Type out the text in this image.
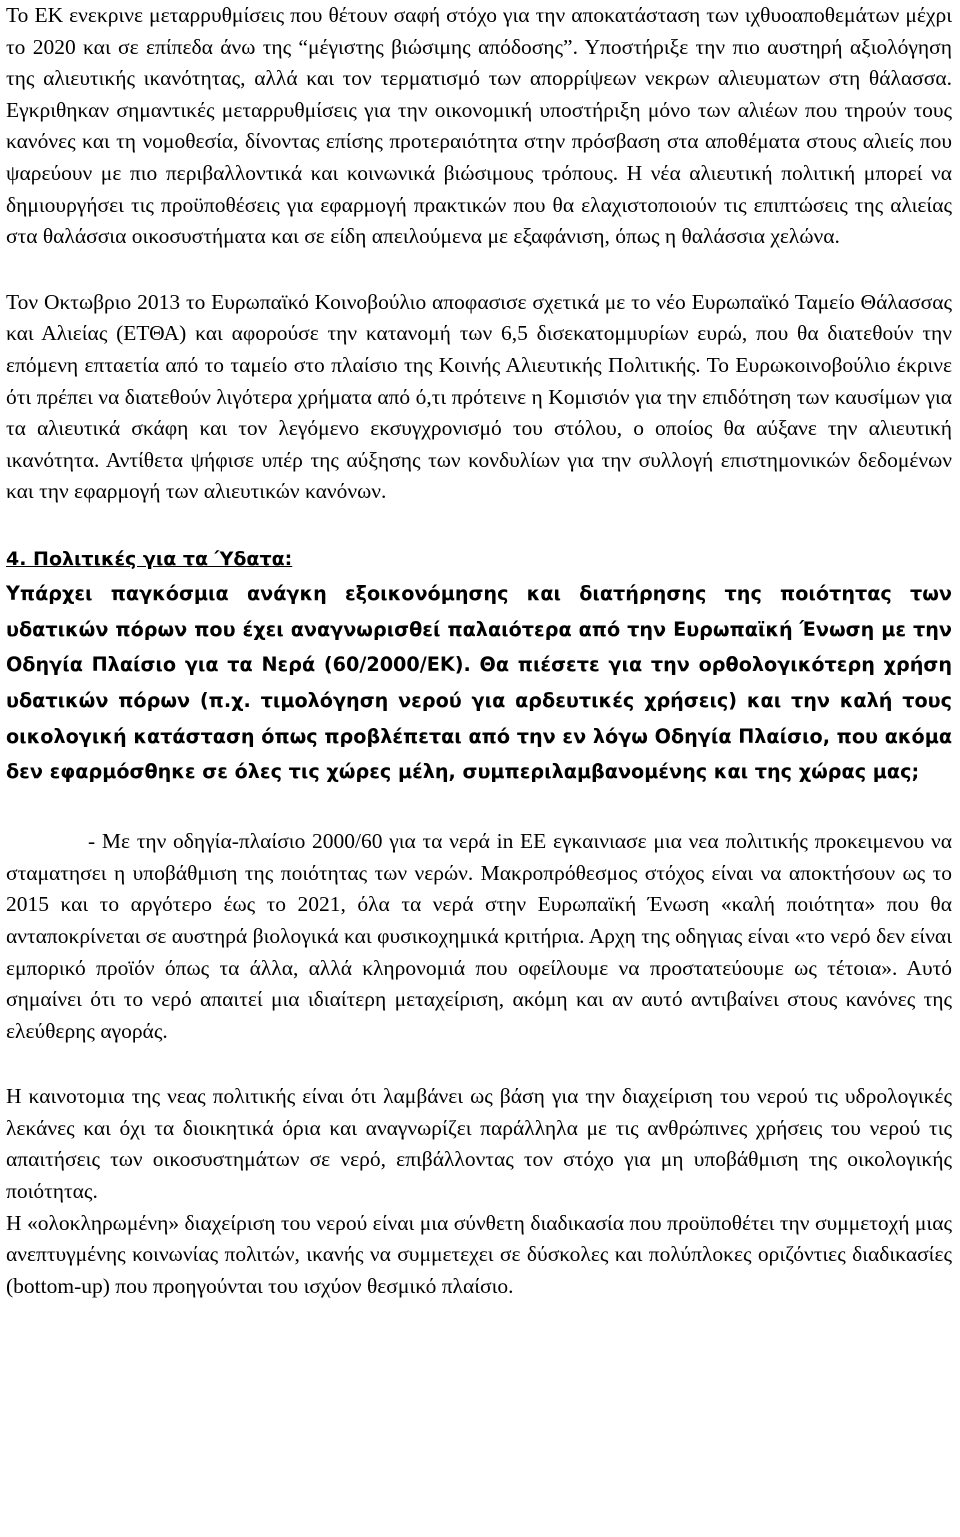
Το ΕΚ ενεκρινε μεταρρυθμίσεις που θέτουν σαφή στόχο για την αποκατάσταση των ιχθυοαποθεμάτων μέχρι το 2020 και σε επίπεδα άνω της “μέγιστης βιώσιμης απόδοσης”. Υποστήριξε την πιο αυστηρή αξιολόγηση της αλιευτικής ικανότητας, αλλά και τον τερματισμό των απορρίψεων νεκρων αλιευματων στη θάλασσα. Εγκριθηκαν σημαντικές μεταρρυθμίσεις για την οικονομική υποστήριξη μόνο των αλιέων που τηρούν τους κανόνες και τη νομοθεσία, δίνοντας επίσης προτεραιότητα στην πρόσβαση στα αποθέματα στους αλιείς που ψαρεύουν με πιο περιβαλλοντικά και κοινωνικά βιώσιμους τρόπους. Η νέα αλιευτική πολιτική μπορεί να δημιουργήσει τις προϋποθέσεις για εφαρμογή πρακτικών που θα ελαχιστοποιούν τις επιπτώσεις της αλιείας στα θαλάσσια οικοσυστήματα και σε είδη απειλούμενα με εξαφάνιση, όπως η θαλάσσια χελώνα.

Τον Οκτωβριο 2013 το Ευρωπαϊκό Κοινοβούλιο αποφασισε σχετικά με το νέο Ευρωπαϊκό Ταμείο Θάλασσας και Αλιείας (ΕΤΘΑ) και αφορούσε την κατανομή των 6,5 δισεκατομμυρίων ευρώ, που θα διατεθούν την επόμενη επταετία από το ταμείο στο πλαίσιο της Κοινής Αλιευτικής Πολιτικής. Το Ευρωκοινοβούλιο έκρινε ότι πρέπει να διατεθούν λιγότερα χρήματα από ό,τι πρότεινε η Κομισιόν για την επιδότηση των καυσίμων για τα αλιευτικά σκάφη και τον λεγόμενο εκσυγχρονισμό του στόλου, ο οποίος θα αύξανε την αλιευτική ικανότητα. Αντίθετα ψήφισε υπέρ της αύξησης των κονδυλίων για την συλλογή επιστημονικών δεδομένων και την εφαρμογή των αλιευτικών κανόνων.

4. Πολιτικές για τα Ύδατα:

Υπάρχει παγκόσμια ανάγκη εξοικονόμησης και διατήρησης της ποιότητας των υδατικών πόρων που έχει αναγνωρισθεί παλαιότερα από την Ευρωπαϊκή Ένωση με την Οδηγία Πλαίσιο για τα Νερά (60/2000/ΕΚ). Θα πιέσετε για την ορθολογικότερη χρήση υδατικών πόρων (π.χ. τιμολόγηση νερού για αρδευτικές χρήσεις) και την καλή τους οικολογική κατάσταση όπως προβλέπεται από την εν λόγω Οδηγία Πλαίσιο, που ακόμα δεν εφαρμόσθηκε σε όλες τις χώρες μέλη, συμπεριλαμβανομένης και της χώρας μας;

- Με την οδηγία-πλαίσιο 2000/60 για τα νερά in ΕΕ εγκαινιασε μια νεα πολιτικής προκειμενου να σταματησει η υποβάθμιση της ποιότητας των νερών. Μακροπρόθεσμος στόχος είναι να αποκτήσουν ως το 2015 και το αργότερο έως το 2021, όλα τα νερά στην Ευρωπαϊκή Ένωση «καλή ποιότητα» που θα ανταποκρίνεται σε αυστηρά βιολογικά και φυσικοχημικά κριτήρια. Αρχη της οδηγιας είναι «το νερό δεν είναι εμπορικό προϊόν όπως τα άλλα, αλλά κληρονομιά που οφείλουμε να προστατεύουμε ως τέτοια». Αυτό σημαίνει ότι το νερό απαιτεί μια ιδιαίτερη μεταχείριση, ακόμη και αν αυτό αντιβαίνει στους κανόνες της ελεύθερης αγοράς.

Η καινοτομια της νεας πολιτικής είναι ότι λαμβάνει ως βάση για την διαχείριση του νερού τις υδρολογικές λεκάνες και όχι τα διοικητικά όρια και αναγνωρίζει παράλληλα με τις ανθρώπινες χρήσεις του νερού τις απαιτήσεις των οικοσυστημάτων σε νερό, επιβάλλοντας τον στόχο για μη υποβάθμιση της οικολογικής ποιότητας.

Η «ολοκληρωμένη» διαχείριση του νερού είναι μια σύνθετη διαδικασία που προϋποθέτει την συμμετοχή μιας ανεπτυγμένης κοινωνίας πολιτών, ικανής να συμμετεχει σε δύσκολες και πολύπλοκες οριζόντιες διαδικασίες (bottom-up) που προηγούνται του ισχύον θεσμικό πλαίσιο.
